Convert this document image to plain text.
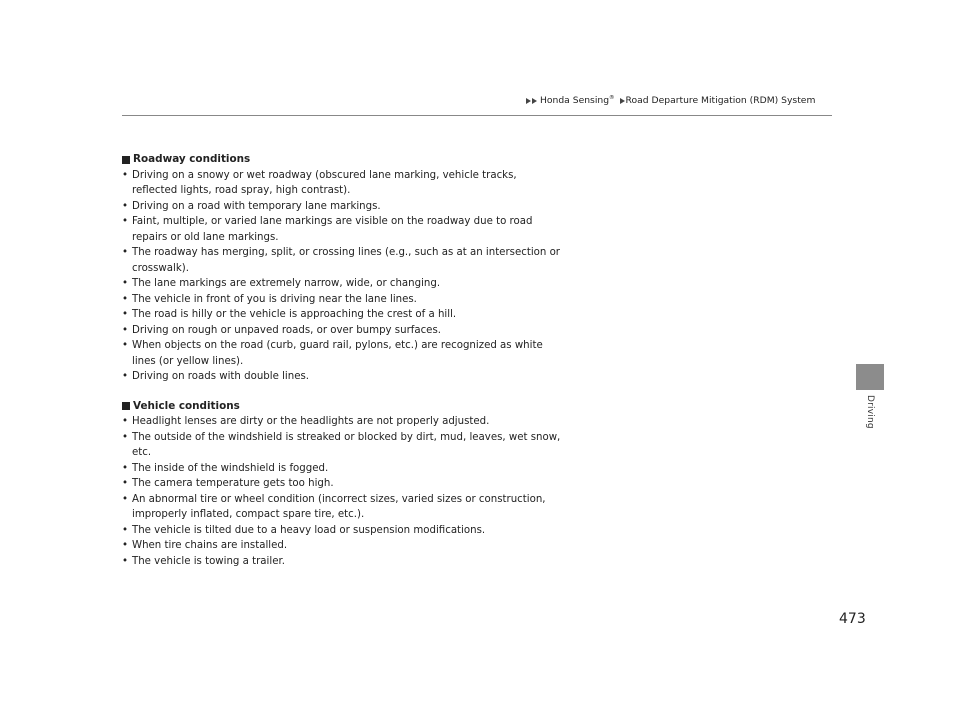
Honda Sensing® Road Departure Mitigation (RDM) System
Driving
Roadway conditions
• Driving on a snowy or wet roadway (obscured lane marking, vehicle tracks, reflected lights, road spray, high contrast).
• Driving on a road with temporary lane markings.
• Faint, multiple, or varied lane markings are visible on the roadway due to road repairs or old lane markings.
• The roadway has merging, split, or crossing lines (e.g., such as at an intersection or crosswalk).
• The lane markings are extremely narrow, wide, or changing.
• The vehicle in front of you is driving near the lane lines.
• The road is hilly or the vehicle is approaching the crest of a hill.
• Driving on rough or unpaved roads, or over bumpy surfaces.
• When objects on the road (curb, guard rail, pylons, etc.) are recognized as white lines (or yellow lines).
• Driving on roads with double lines.
Vehicle conditions
• Headlight lenses are dirty or the headlights are not properly adjusted.
• The outside of the windshield is streaked or blocked by dirt, mud, leaves, wet snow, etc.
• The inside of the windshield is fogged.
• The camera temperature gets too high.
• An abnormal tire or wheel condition (incorrect sizes, varied sizes or construction, improperly inflated, compact spare tire, etc.).
• The vehicle is tilted due to a heavy load or suspension modifications.
• When tire chains are installed.
• The vehicle is towing a trailer.
473
